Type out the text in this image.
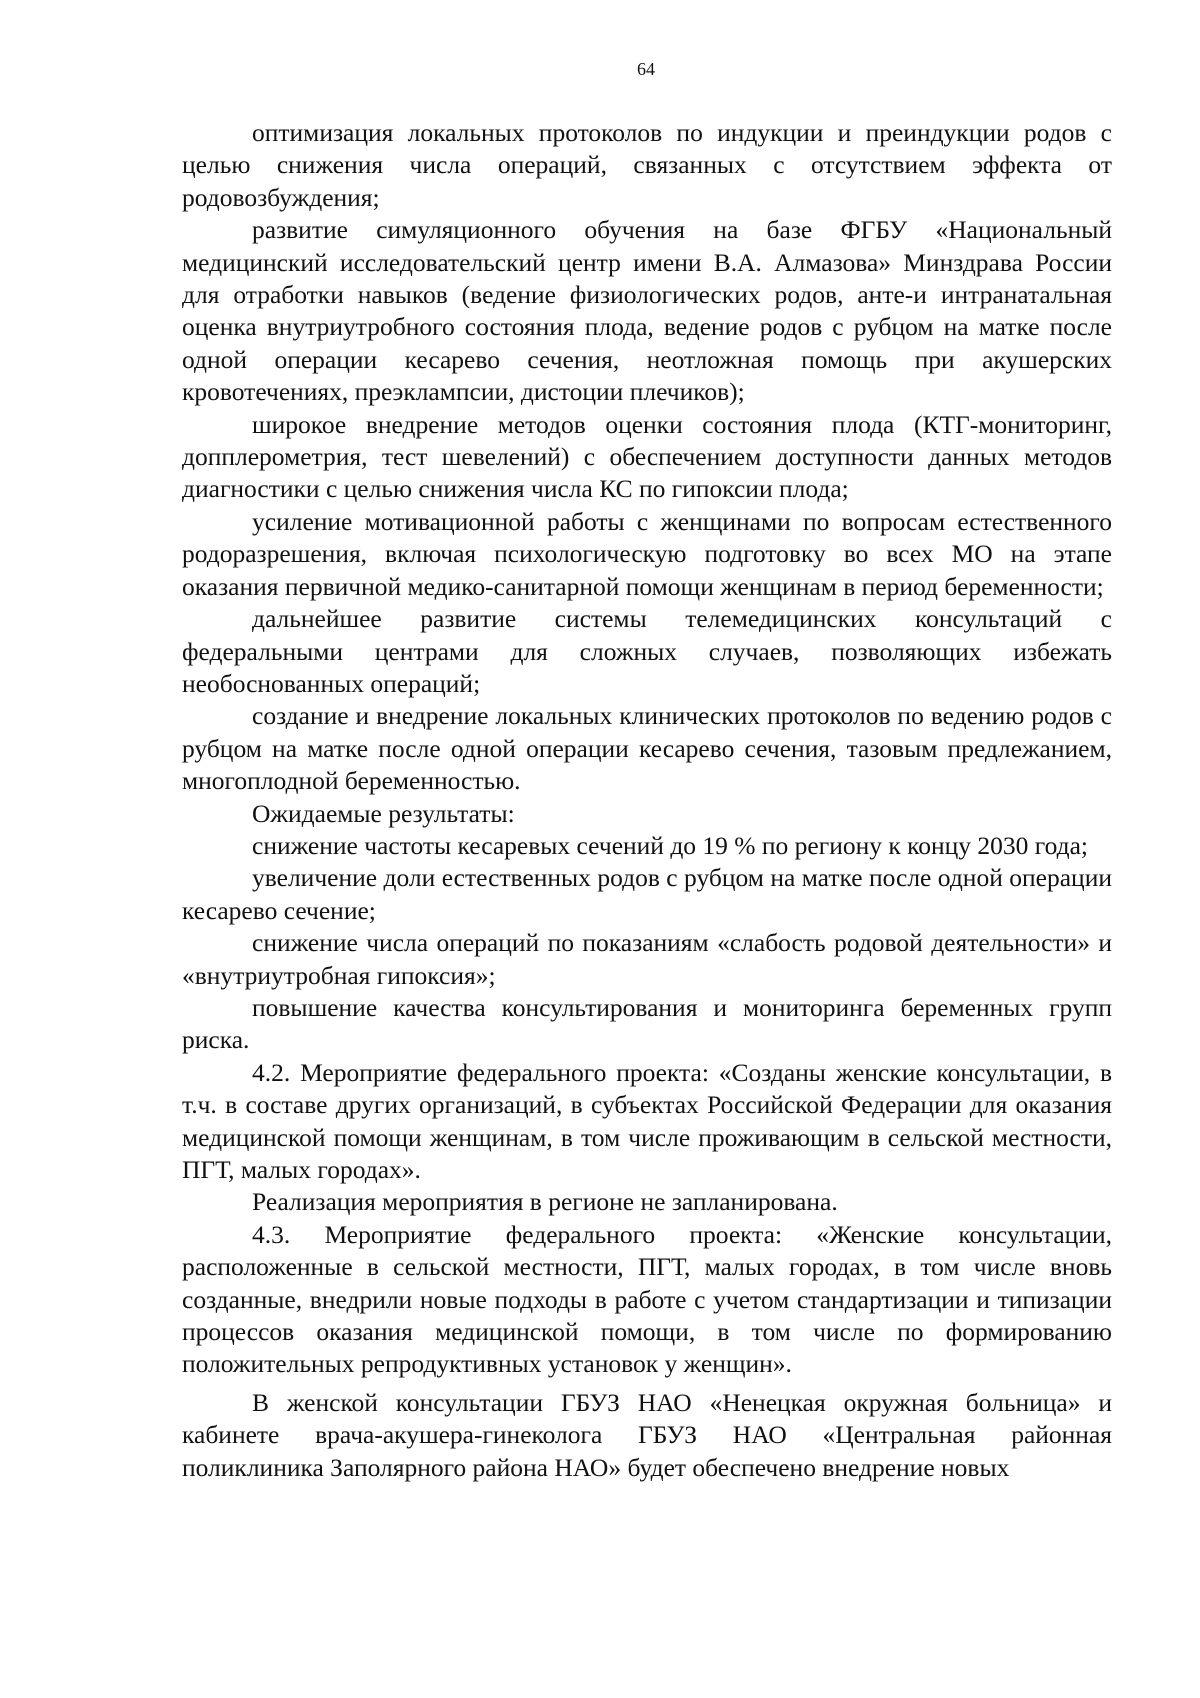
64

оптимизация локальных протоколов по индукции и преиндукции родов с целью снижения числа операций, связанных с отсутствием эффекта от родовозбуждения;

развитие симуляционного обучения на базе ФГБУ «Национальный медицинский исследовательский центр имени В.А. Алмазова» Минздрава России для отработки навыков (ведение физиологических родов, анте-и интранатальная оценка внутриутробного состояния плода, ведение родов с рубцом на матке после одной операции кесарево сечения, неотложная помощь при акушерских кровотечениях, преэклампсии, дистоции плечиков);

широкое внедрение методов оценки состояния плода (КТГ-мониторинг, допплерометрия, тест шевелений) с обеспечением доступности данных методов диагностики с целью снижения числа КС по гипоксии плода;

усиление мотивационной работы с женщинами по вопросам естественного родоразрешения, включая психологическую подготовку во всех МО на этапе оказания первичной медико-санитарной помощи женщинам в период беременности;

дальнейшее развитие системы телемедицинских консультаций с федеральными центрами для сложных случаев, позволяющих избежать необоснованных операций;

создание и внедрение локальных клинических протоколов по ведению родов с рубцом на матке после одной операции кесарево сечения, тазовым предлежанием, многоплодной беременностью.

Ожидаемые результаты:

снижение частоты кесаревых сечений до 19 % по региону к концу 2030 года;

увеличение доли естественных родов с рубцом на матке после одной операции кесарево сечение;

снижение числа операций по показаниям «слабость родовой деятельности» и «внутриутробная гипоксия»;

повышение качества консультирования и мониторинга беременных групп риска.

4.2. Мероприятие федерального проекта: «Созданы женские консультации, в т.ч. в составе других организаций, в субъектах Российской Федерации для оказания медицинской помощи женщинам, в том числе проживающим в сельской местности, ПГТ, малых городах».

Реализация мероприятия в регионе не запланирована.

4.3. Мероприятие федерального проекта: «Женские консультации, расположенные в сельской местности, ПГТ, малых городах, в том числе вновь созданные, внедрили новые подходы в работе с учетом стандартизации и типизации процессов оказания медицинской помощи, в том числе по формированию положительных репродуктивных установок у женщин».

В женской консультации ГБУЗ НАО «Ненецкая окружная больница» и кабинете врача-акушера-гинеколога ГБУЗ НАО «Центральная районная поликлиника Заполярного района НАО» будет обеспечено внедрение новых
